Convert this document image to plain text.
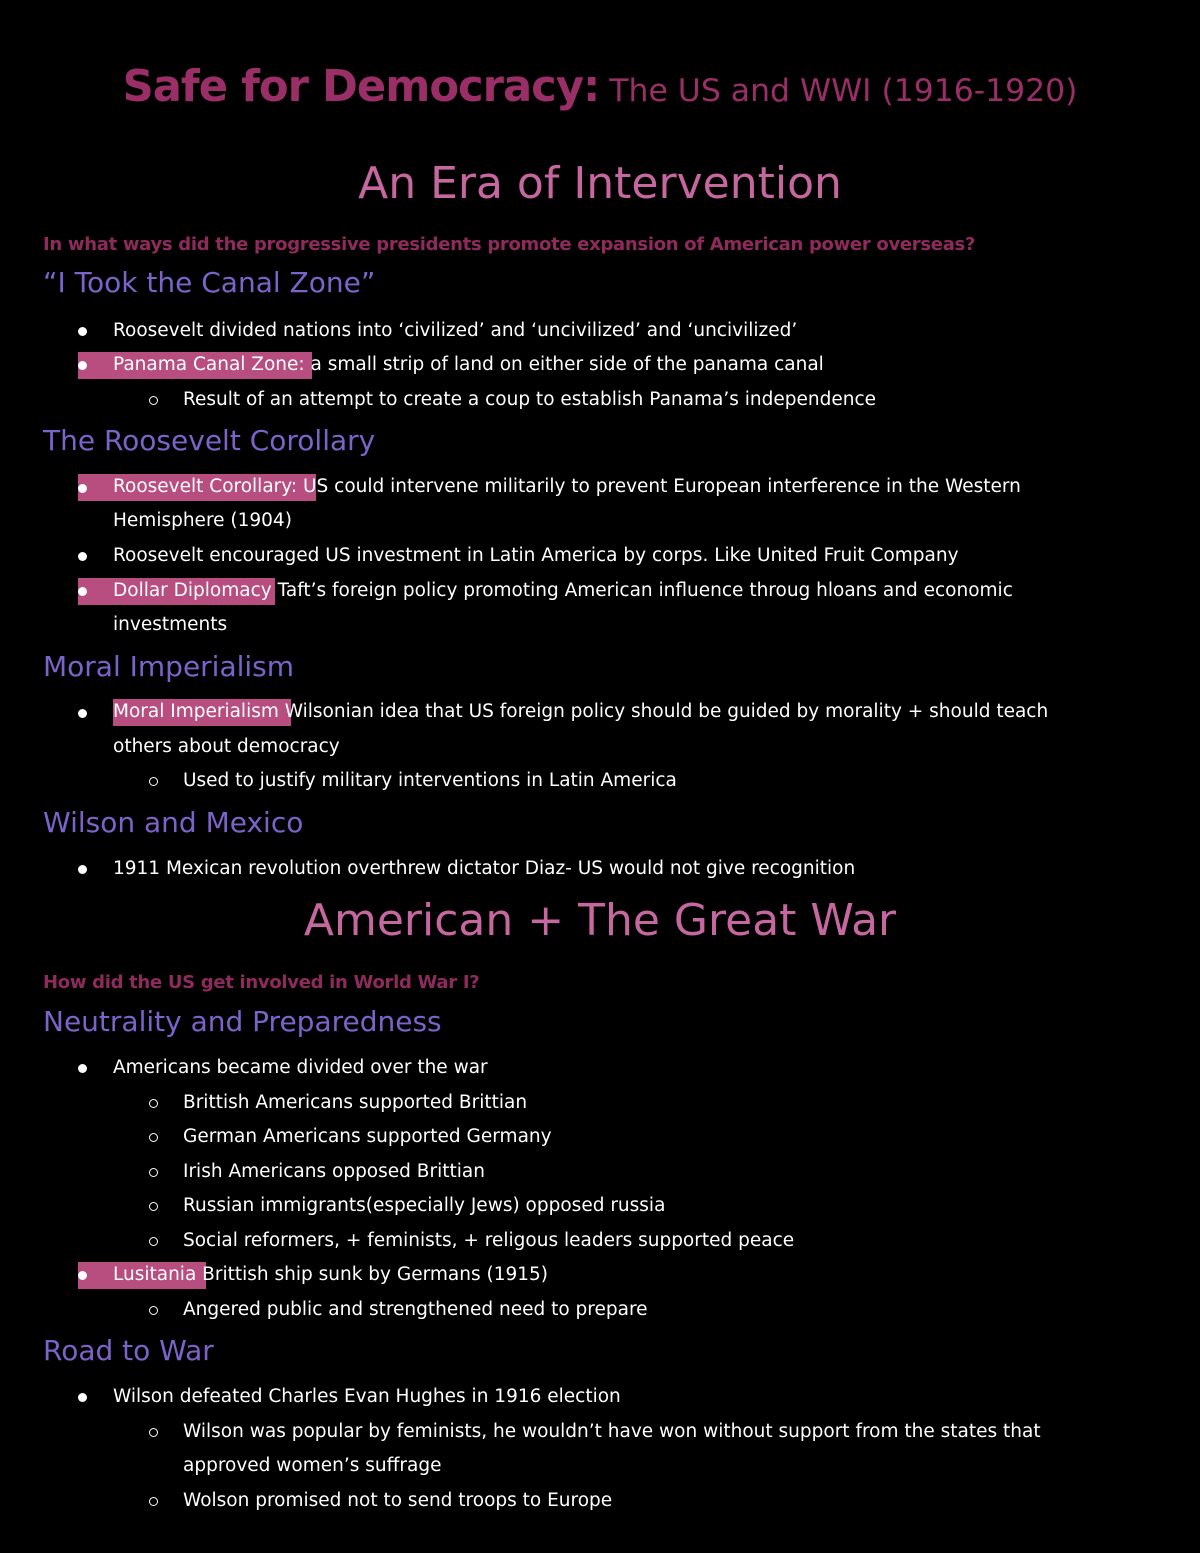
Safe for Democracy: The US and WWI (1916-1920)
An Era of Intervention
In what ways did the progressive presidents promote expansion of American power overseas?
“I Took the Canal Zone”
Roosevelt divided nations into ‘civilized’ and ‘uncivilized’ and ‘uncivilized’
Panama Canal Zone: a small strip of land on either side of the panama canal
Result of an attempt to create a coup to establish Panama’s independence
The Roosevelt Corollary
Roosevelt Corollary: US could intervene militarily to prevent European interference in the Western
Hemisphere (1904)
Roosevelt encouraged US investment in Latin America by corps. Like United Fruit Company
Dollar Diplomacy Taft’s foreign policy promoting American influence throug hloans and economic
investments
Moral Imperialism
Moral Imperialism Wilsonian idea that US foreign policy should be guided by morality + should teach
others about democracy
Used to justify military interventions in Latin America
Wilson and Mexico
1911 Mexican revolution overthrew dictator Diaz- US would not give recognition
American + The Great War
How did the US get involved in World War I?
Neutrality and Preparedness
Americans became divided over the war
Brittish Americans supported Brittian
German Americans supported Germany
Irish Americans opposed Brittian
Russian immigrants(especially Jews) opposed russia
Social reformers, + feminists, + religous leaders supported peace
Lusitania Brittish ship sunk by Germans (1915)
Angered public and strengthened need to prepare
Road to War
Wilson defeated Charles Evan Hughes in 1916 election
Wilson was popular by feminists, he wouldn’t have won without support from the states that
approved women’s suffrage
Wolson promised not to send troops to Europe
